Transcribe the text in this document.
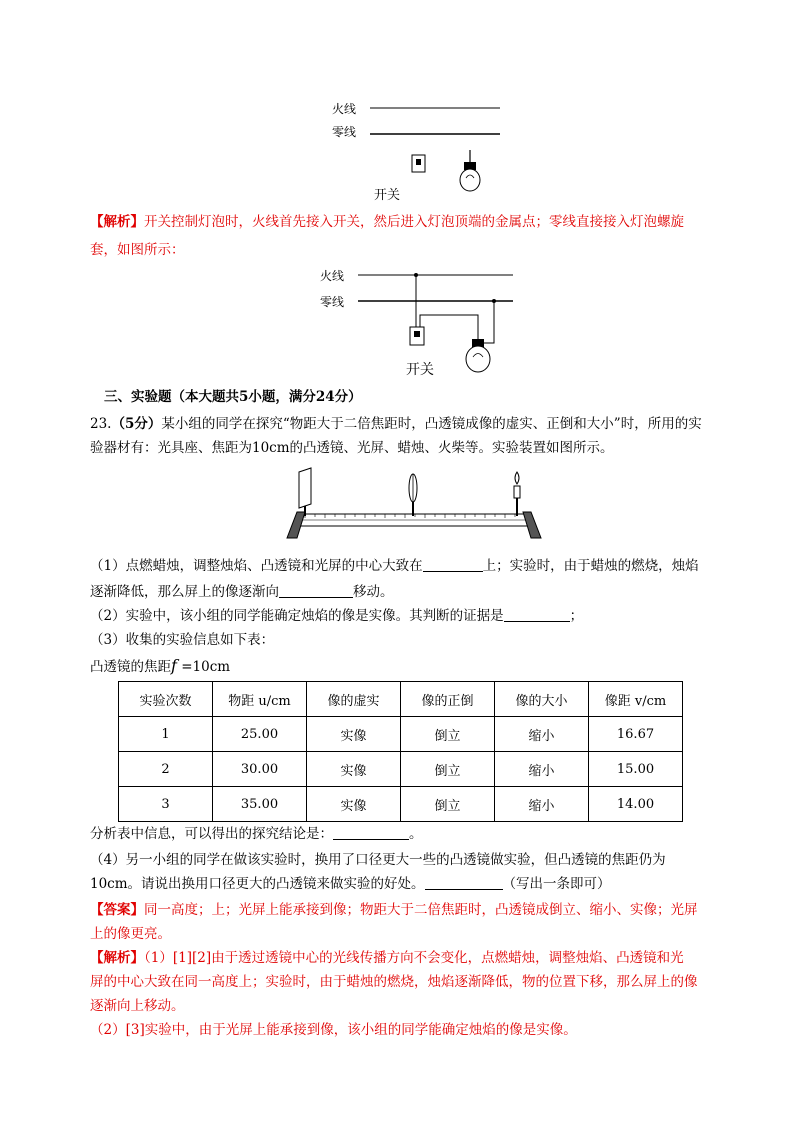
火线
零线
开关
【解析】开关控制灯泡时，火线首先接入开关，然后进入灯泡顶端的金属点；零线直接接入灯泡螺旋
套，如图所示：
火线
零线
开关
三、实验题（本大题共5小题，满分24分）
23.（5分）某小组的同学在探究“物距大于二倍焦距时，凸透镜成像的虚实、正倒和大小”时，所用的实
验器材有：光具座、焦距为10cm的凸透镜、光屏、蜡烛、火柴等。实验装置如图所示。
（1）点燃蜡烛，调整烛焰、凸透镜和光屏的中心大致在	上；实验时，由于蜡烛的燃烧，烛焰
逐渐降低，那么屏上的像逐渐向	移动。
（2）实验中，该小组的同学能确定烛焰的像是实像。其判断的证据是	；
（3）收集的实验信息如下表：
凸透镜的焦距f =10cm
实验次数	物距 u/cm	像的虚实	像的正倒	像的大小	像距 v/cm
1	25.00	实像	倒立	缩小	16.67
2	30.00	实像	倒立	缩小	15.00
3	35.00	实像	倒立	缩小	14.00
分析表中信息，可以得出的探究结论是：	。
（4）另一小组的同学在做该实验时，换用了口径更大一些的凸透镜做实验，但凸透镜的焦距仍为
10cm。请说出换用口径更大的凸透镜来做实验的好处。	（写出一条即可）
【答案】同一高度；上；光屏上能承接到像；物距大于二倍焦距时，凸透镜成倒立、缩小、实像；光屏
上的像更亮。
【解析】（1）[1][2]由于透过透镜中心的光线传播方向不会变化，点燃蜡烛，调整烛焰、凸透镜和光
屏的中心大致在同一高度上；实验时，由于蜡烛的燃烧，烛焰逐渐降低，物的位置下移，那么屏上的像
逐渐向上移动。
（2）[3]实验中，由于光屏上能承接到像，该小组的同学能确定烛焰的像是实像。
